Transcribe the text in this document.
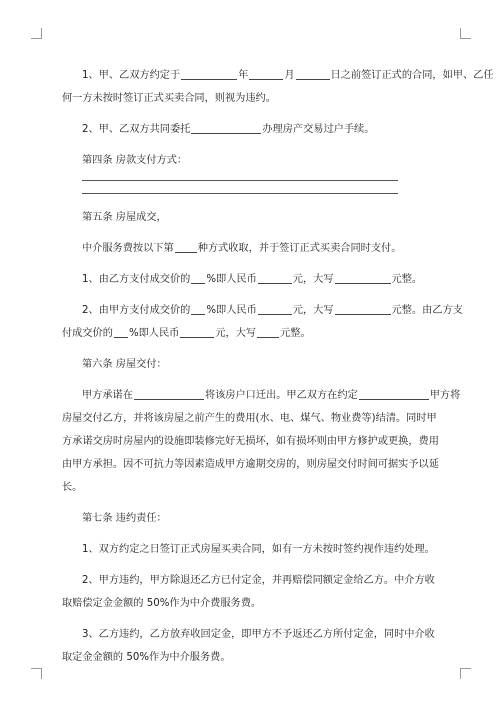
1、甲、乙双方约定于	年	月	日之前签订正式的合同，如甲、乙任

何一方未按时签订正式买卖合同，则视为违约。

2、甲、乙双方共同委托	办理房产交易过户手续。

第四条 房款支付方式：

第五条 房屋成交，

中介服务费按以下第 种方式收取，并于签订正式买卖合同时支付。

1、由乙方支付成交价的 %即人民币	元，大写	元整。

2、由甲方支付成交价的 %即人民币	元，大写	元整。由乙方支

付成交价的 %即人民币	元，大写 元整。

第六条 房屋交付：

甲方承诺在	将该房户口迁出。甲乙双方在约定	甲方将

房屋交付乙方，并将该房屋之前产生的费用(水、电、煤气、物业费等)结清。同时甲

方承诺交房时房屋内的设施即装修完好无损坏，如有损坏则由甲方修护或更换，费用

由甲方承担。因不可抗力等因素造成甲方逾期交房的，则房屋交付时间可据实予以延

长。

第七条 违约责任：

1、双方约定之日签订正式房屋买卖合同，如有一方未按时签约视作违约处理。

2、甲方违约，甲方除退还乙方已付定金，并再赔偿同额定金给乙方。中介方收

取赔偿定金金额的 50%作为中介费服务费。

3、乙方违约，乙方放弃收回定金，即甲方不予返还乙方所付定金，同时中介收

取定金金额的 50%作为中介服务费。
